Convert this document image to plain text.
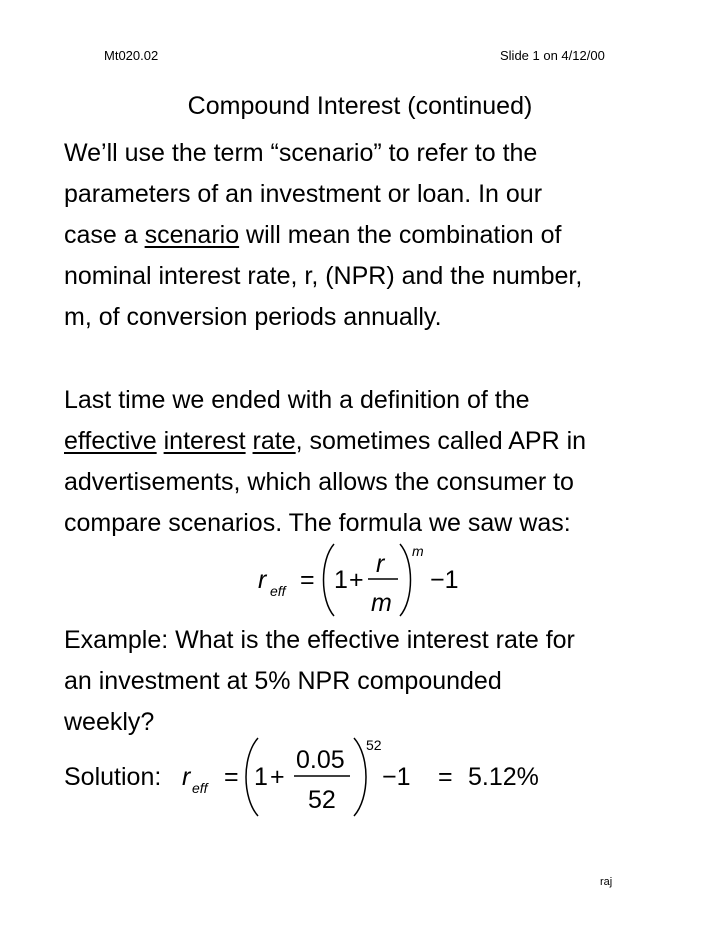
Mt020.02	Slide 1 on 4/12/00
Compound Interest (continued)
We’ll use the term “scenario” to refer to the
parameters of an investment or loan. In our
case a scenario will mean the combination of
nominal interest rate, r, (NPR) and the number,
m, of conversion periods annually.
Last time we ended with a definition of the
effective interest rate, sometimes called APR in
advertisements, which allows the consumer to
compare scenarios. The formula we saw was:
r eff = 1 +
r
m
m
−1
Example: What is the effective interest rate for
an investment at 5% NPR compounded
weekly?
Solution: r eff = 1 +
0.05
52
52
−1 = 5.12%
raj
